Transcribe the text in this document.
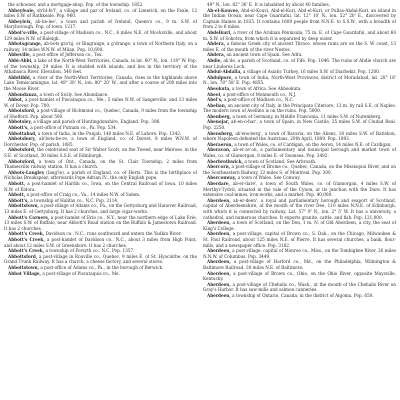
the schooner, and a mortgage-shop. Pop. of the township, 1852.

Abbeyfeale, sh'bl-fe'l', a village and par of Ireland, co. of Limerick, on the Feale, 12 miles S.W. of Rathkeale. Pop. 960.

Abbeyleix, ab-be-lee', a town and parish of Ireland, Queen's co., 9 m. S.W. of Maryborough. Pop. of town, 1217.

Abbot's-ville, a post-village of Madison co., N.C., 6 miles N.E. of Mocksville, and about 129 miles N.W. of Raleigh.

Abbotsgrange, ab-bots-gra'nj, or Bingrange, a g'drange, a town of Northern Italy, on a railway, 14 miles W.N.W. of Milan. Pop. 10,600.

Abbeville, a post-office of Jefferson co., Tex.

Abbi-Abbi, a lake of the North-West Territories, Canada, in lat. 60° N., lon. 118° W. Pop. of the township, 29 miles. It is studded with islands, and lies in the territory of the Athabasca River. Elevation, 540 feet.

Abbitibbi, a river of the North-West Territories, Canada, rises in the highlands above Lake Temiscamingue, lat. 49° 30' N., lon. 80° 20' W., and after a course of 200 miles into the Moose River.

Abbondanza, a town of Sicily. See Abundance.

Abbot, a post-hamlet of Piscataquis co., Me., 5 miles N.W. of Sangerville, and 13 miles W. of Dover. Pop. 700.

Abbotsford, a post-village of Richmond co., Quebec, Canada, 9 miles from the township of Shefford. Pop. about 500.

Abbotsley, a village and parish of Huntingdonshire, England. Pop. 396.

Abbott's, a post-office of Putnam co., Pa. Pop. 534.

Abbottabad, a town of India, in the Punjab, 140 miles N.E. of Lahore. Pop. 1342.

Abbotsbury, ab'bots-be-re, a town of England, co. of Dorset, 8 miles W.N.W. of Dorchester. Pop. of parish, 1085.

Abbotsford, the celebrated seat of Sir Walter Scott, on the Tweed, near Melrose, in the S.E. of Scotland, 30 miles S.S.E. of Edinburgh.

Abbotsford, a town of Ont., Canada, on the St. Clair Township, 2 miles from Thamesville railway station. It has a church.

Abbots-Langley (lang'le), a parish of England, co. of Herts. This is the birthplace of Nicholas Breakspear, afterwards Pope Adrian IV., the only English pope.

Abbott, a post-hamlet of Hardin co., Iowa, on the Central Railroad of Iowa, 10 miles N.W. of Eldora.

Abbott, a post-office of Craig co., Va., 14 miles N.W. of Salem.

Abbott's, a township of Halifax co., N.C. Pop. 2114.

Abbottstown, a post-village of Adams co., Pa., on the Gettysburg and Hanover Railroad, 13 miles E. of Gettysburg. It has 2 churches, and large cigar-works.

Abbott's Corners, a post-hamlet of Erie co., N.Y., near the northern edge of Lake Erie, 13 miles S.W. of Buffalo, near Abbott's Road station on the Buffalo & Jamestown Railroad. It has 2 churches.

Abbott's Creek, Davidson co., N.C., runs southward and enters the Yadkin River.

Abbott's Creek, a post-hamlet of Davidson co., N.C., about 3 miles from High Point, and about 12 miles S.W. of Greensboro. It has 2 churches.

Abbott's Creek, a township of Forsyth co., N.C. Pop. 1357.

Abbottsford, a post-village in Rouville co., Quebec, 9 miles E. of St. Hyacinthe, on the Grand Trunk Railway. It has a church, a cheese factory, and several stores.

Abbottstown, a post-office of Adams co., Pa., in the borough of Berwick.

Abbot Village, a post-village of Piscataquis co., Me.

49° N., lon. 82° 36' E. It is inhabited by about 40 families.

Ab-el-Kouvee, Abd-el-Kouvi, Abd-el-Kuri, Abd-el-Kuri, or Pullas-Abdal-Kuri, an island in the Indian Ocean, near Cape Guardafui, lat. 12° 10' N., lon. 52° 20' E., discovered by Captain Haines in 1835. It contains 1600 people from N.N.E. to S.S.W., with a breadth of from 2 to 6 miles.

Abdelkuri, a river of the Arabian Peninsula, 75 m. E. of Cape Guardafui, and about 60 m. S.W. of Sokotra, from which it is separated by deep water.

Abdera, a famous Greek city of ancient Thrace, whose ruins are on the S. W. coast, 13 miles E. of the mouth of the river Nestos.

Abdera, an ancient town of Spain. See Adra.

Abdie, ab'de, a parish of Scotland, co. of Fife. Pop. 1046. The ruins of Abdie church are near Lindores Loch.

Abdul-Abdalla, a village of Asiatic Turkey, 16 miles S.W. of Diarbekir. Pop. 1200.

Abdulpore, a town of India, North-West Provinces, district of Moradabad, lat. 28° 18' N., lon. 78° 58' E. Pop. 4855.

Abeokuta, a town of Africa. See Abbeokuta.

Abeel, a post-office of Monmouth co., N.J.

Abel's, a post-office of Madison co., N.C.

Abelian, an ancient city of Italy, in the Principato Citeriore, 13 m. by rail S.E. of Naples. The modern town of Avellino is on the ruins. Pop. 5000.

Abenberg, a town of Germany, in Middle Franconia, 11 miles S.W. of Nuremberg.

Abenojar, ab-en-o-har', a town of Spain, in New Castile, 25 miles S.W. of Ciudad Real. Pop. 2250.

Abensberg, ab'ens-berg', a town of Bavaria, on the Abens, 18 miles S.W. of Ratisbon, where Napoleon defeated the Austrians, 20th April, 1809. Pop. 1893.

Aberaeron, a town of Wales, co. of Cardigan, on the Aeron, 14 miles N.E. of Cardigan.

Aberavon, ab-er-av'on, a parliamentary and municipal borough and market town of Wales, co. of Glamorgan, 8 miles E. of Swansea. Pop. 3482.

Aberbrothwick, a town of Scotland. See Arbroath.

Abercorn, a post-village of Brome co., Quebec, Canada, on the Missisquoi River, and on the Southeastern Railway, 22 miles S. of Montreal. Pop. 300.

Aberconway, a town of Wales. See Conway.

Aberdare, ab-er-dare', a town of South Wales, co. of Glamorgan, 4 miles S.W. of Merthyr-Tydvil, situated in the vale of the Cynon, at its junction with the Dare. It has extensive coal-mines, iron-works, and a market. Pop. 40,000.

Aberdeen, ab-er-deen', a royal and parliamentary borough and seaport of Scotland, capital of Aberdeenshire, at the mouth of the river Dee, 110 miles N.N.E. of Edinburgh, with which it is connected by railway. Lat. 57° 9' N., lon. 2° 5' W. It has a university, a cathedral, and numerous churches. It exports granite, cattle, and fish. Pop. 121,000.

Aberdeen, a town of Scotland, on the Don, 1 m. N. of Old Aberdeen, a city, the seat of King's College.

Aberdeen, a post-village, capital of Brown co., S. Dak., on the Chicago, Milwaukee & St. Paul Railroad, about 125 miles N.E. of Pierre. It has several churches, a bank, flour-mills, and a newspaper office. Pop. 3182.

Aberdeen, a post-village, capital of Monroe co., Miss., on the Tombigbee River, 26 miles N.N.W. of Columbus. Pop. 3449.

Aberdeen, a post-village of Harford co., Md., on the Philadelphia, Wilmington & Baltimore Railroad, 30 miles N.E. of Baltimore.

Aberdeen, a post-village of Brown co., Ohio, on the Ohio River, opposite Maysville, Kentucky.

Aberdeen, a post-village of Chehalis co., Wash., at the mouth of the Chehalis River on Gray's Harbor. It has saw-mills and salmon canneries.

Aberdeen, a township of Ontario, Canada, in the district of Algoma. Pop. 650.
